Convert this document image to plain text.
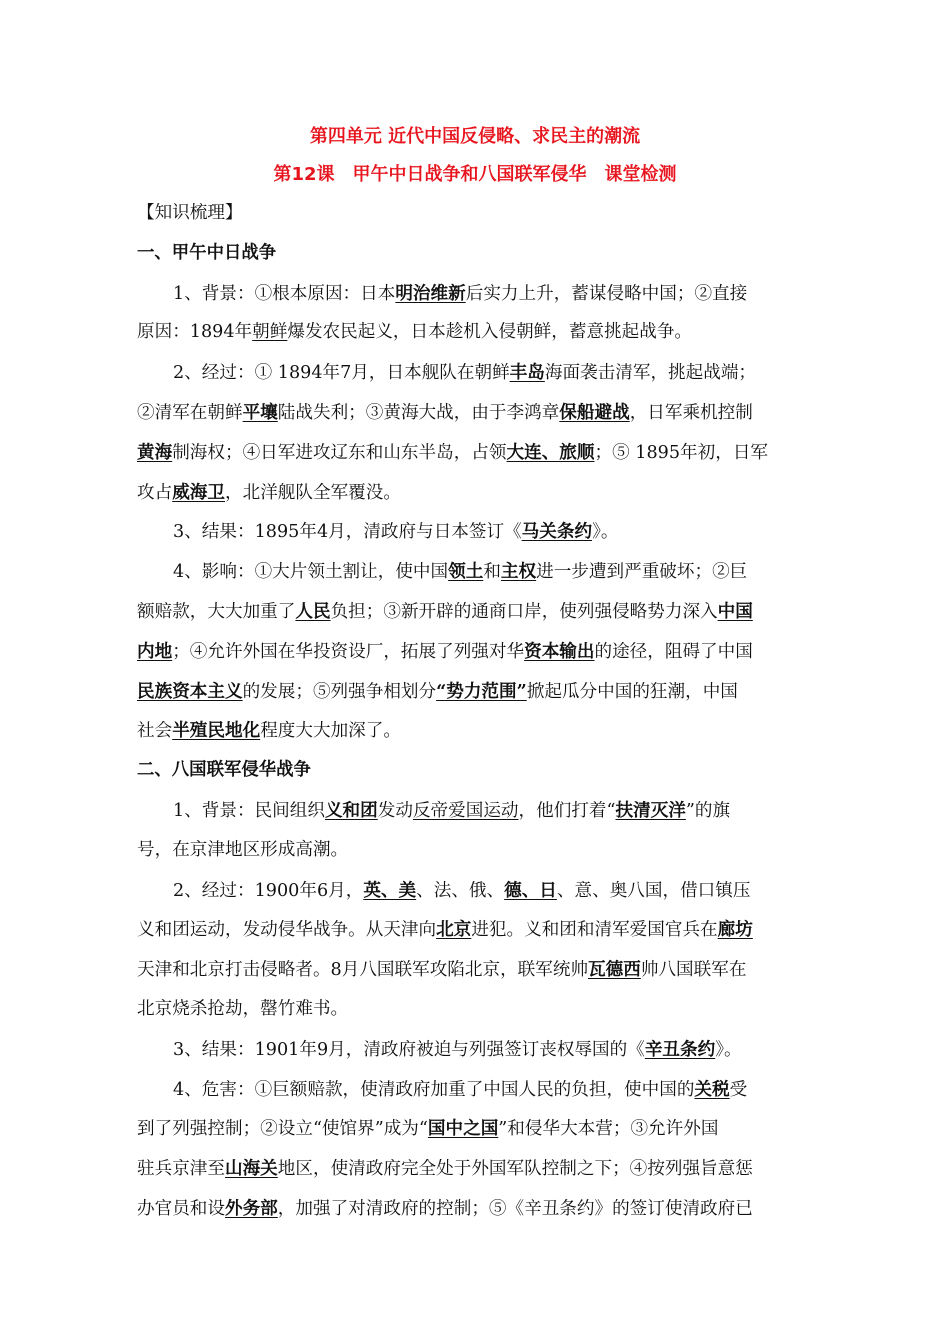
第四单元 近代中国反侵略、求民主的潮流
第12课　甲午中日战争和八国联军侵华　课堂检测
【知识梳理】
一、甲午中日战争
1、背景：①根本原因：日本明治维新后实力上升，蓄谋侵略中国；②直接
原因：1894年朝鲜爆发农民起义，日本趁机入侵朝鲜，蓄意挑起战争。
2、经过：① 1894年7月，日本舰队在朝鲜丰岛海面袭击清军，挑起战端；
②清军在朝鲜平壤陆战失利；③黄海大战，由于李鸿章保船避战，日军乘机控制
黄海制海权；④日军进攻辽东和山东半岛，占领大连、旅顺；⑤ 1895年初，日军
攻占威海卫，北洋舰队全军覆没。
3、结果：1895年4月，清政府与日本签订《马关条约》。
4、影响：①大片领土割让，使中国领土和主权进一步遭到严重破坏；②巨
额赔款，大大加重了人民负担；③新开辟的通商口岸，使列强侵略势力深入中国
内地；④允许外国在华投资设厂，拓展了列强对华资本输出的途径，阻碍了中国
民族资本主义的发展；⑤列强争相划分“势力范围”掀起瓜分中国的狂潮，中国
社会半殖民地化程度大大加深了。
二、八国联军侵华战争
1、背景：民间组织义和团发动反帝爱国运动，他们打着“扶清灭洋”的旗
号，在京津地区形成高潮。
2、经过：1900年6月，英、美、法、俄、德、日、意、奥八国，借口镇压
义和团运动，发动侵华战争。从天津向北京进犯。义和团和清军爱国官兵在廊坊
天津和北京打击侵略者。8月八国联军攻陷北京，联军统帅瓦德西帅八国联军在
北京烧杀抢劫，罄竹难书。
3、结果：1901年9月，清政府被迫与列强签订丧权辱国的《辛丑条约》。
4、危害：①巨额赔款，使清政府加重了中国人民的负担，使中国的关税受
到了列强控制；②设立“使馆界”成为“国中之国”和侵华大本营；③允许外国
驻兵京津至山海关地区，使清政府完全处于外国军队控制之下；④按列强旨意惩
办官员和设外务部，加强了对清政府的控制；⑤《辛丑条约》的签订使清政府已
